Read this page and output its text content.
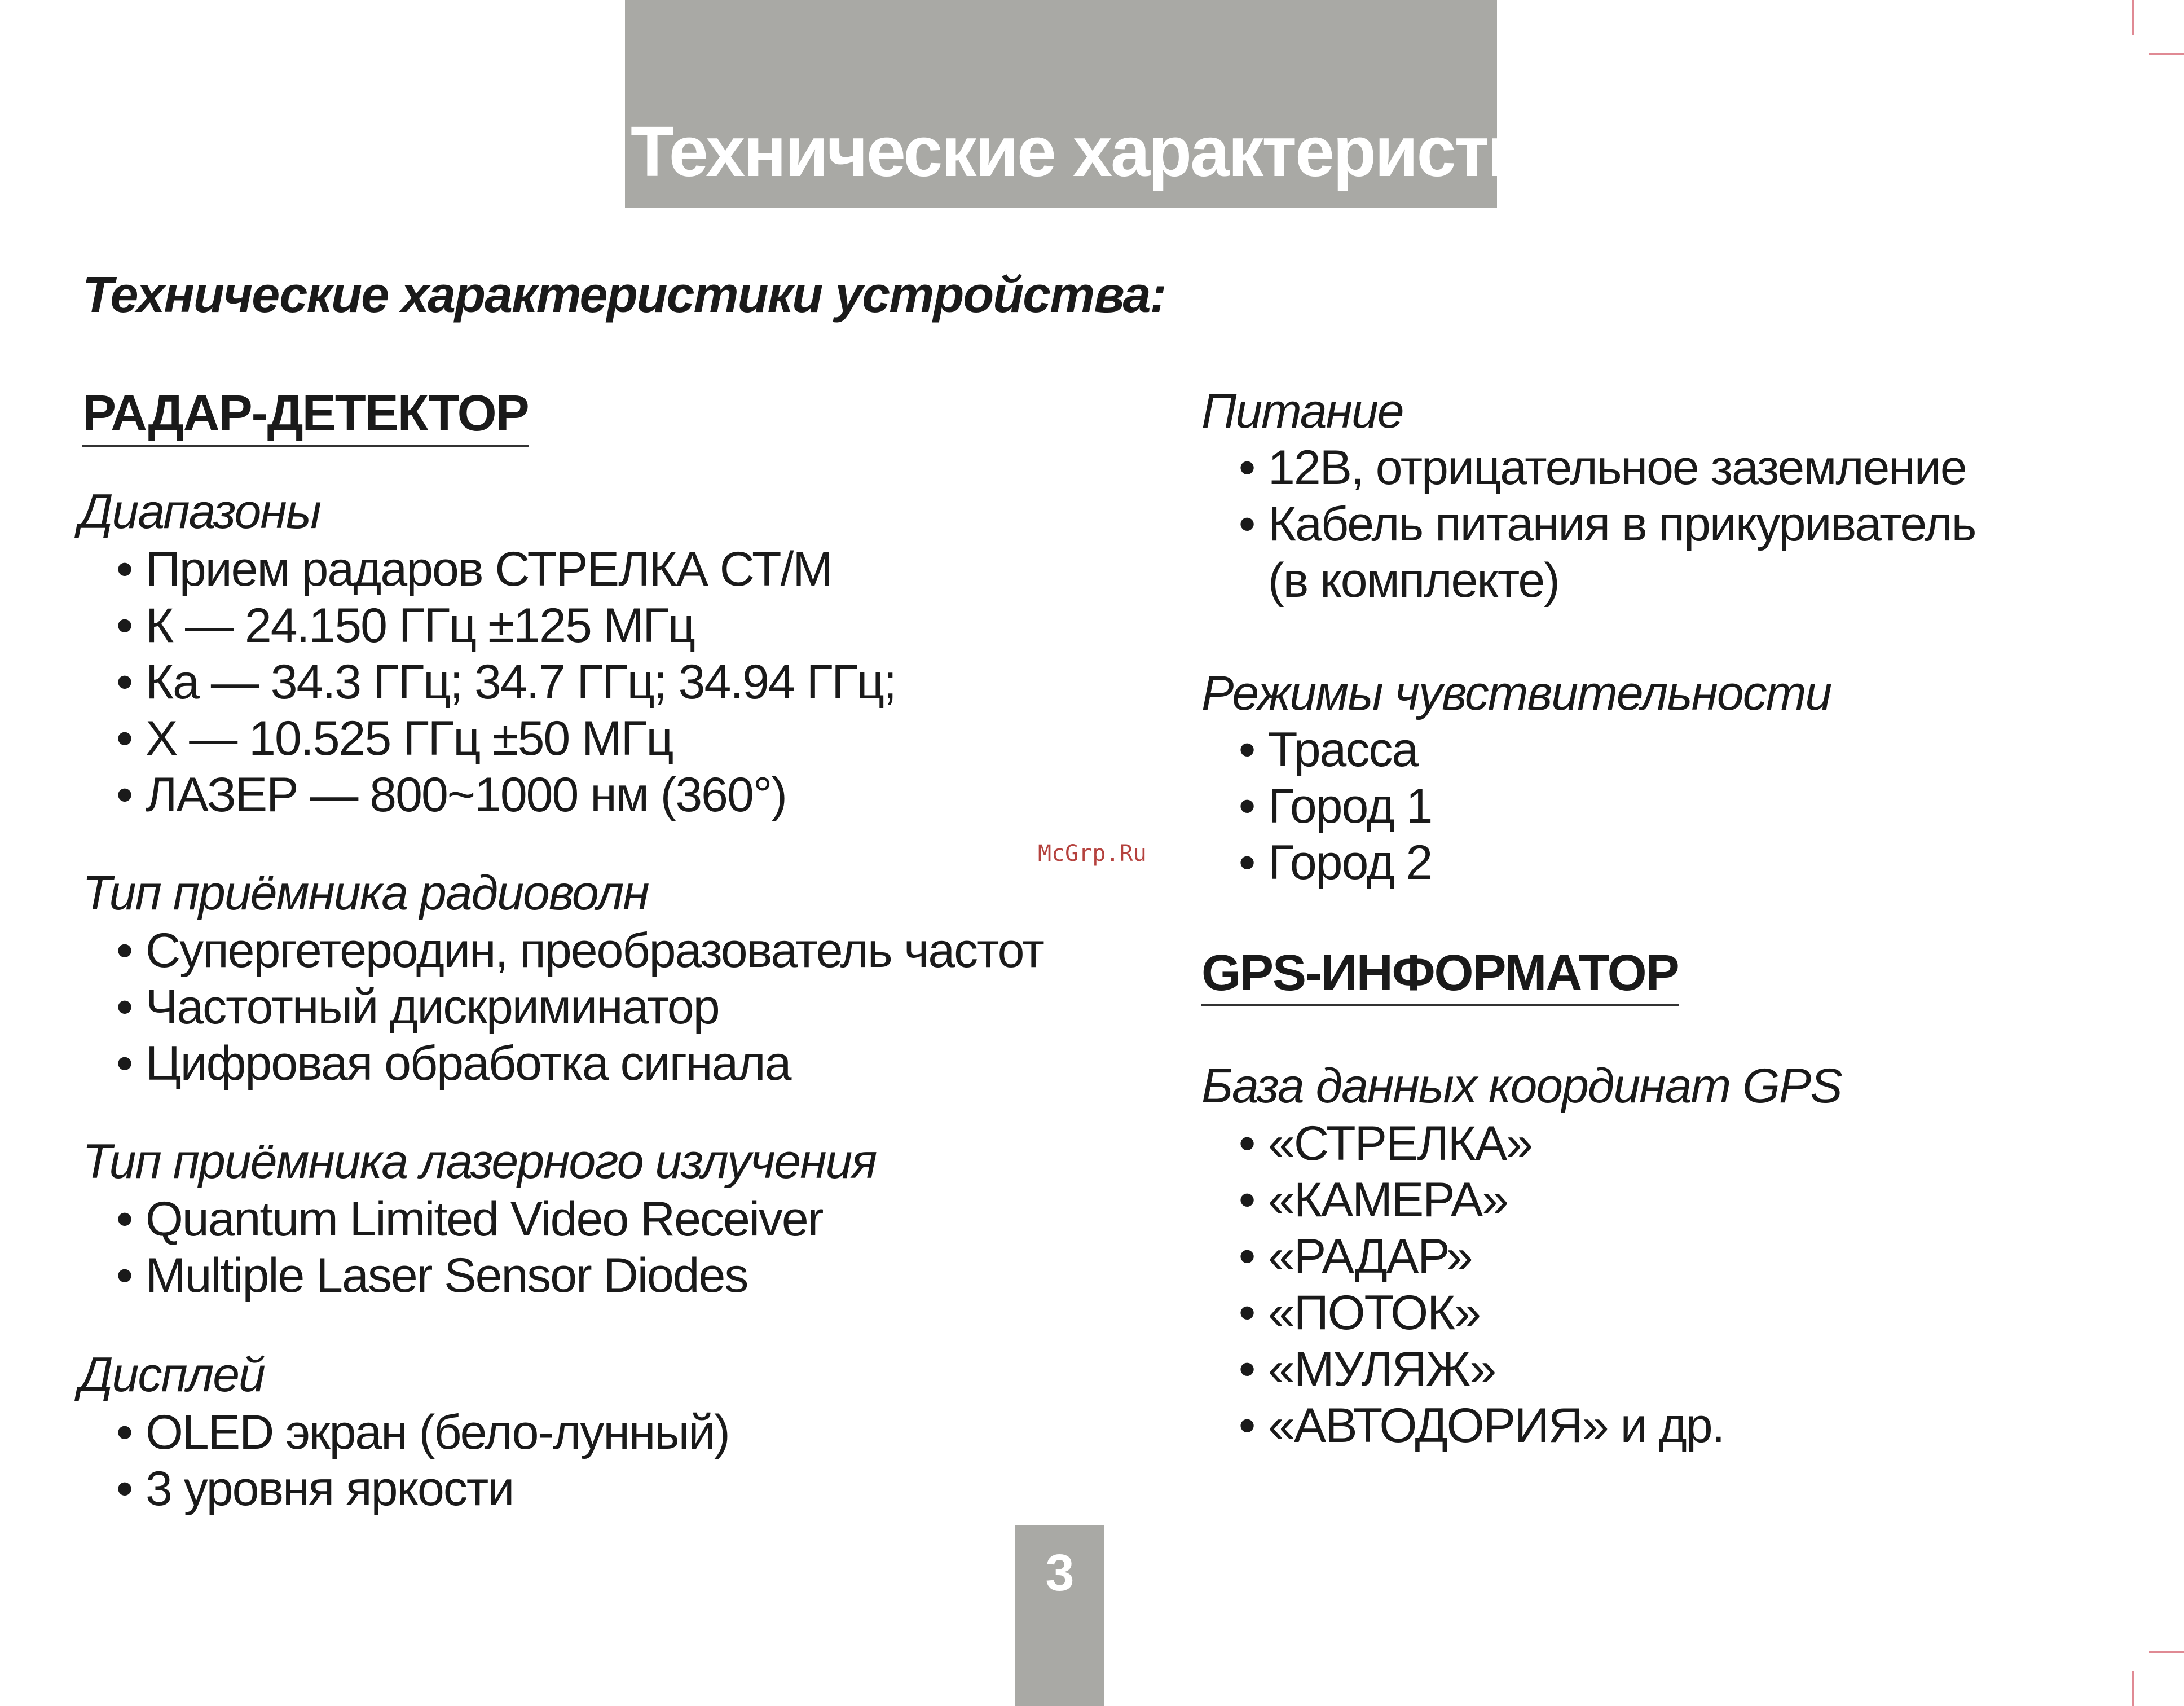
Технические характеристики
Технические характеристики устройства:
РАДАР-ДЕТЕКТОР
Диапазоны
• Прием радаров СТРЕЛКА СТ/М
• К — 24.150 ГГц ±125 МГц
• Ка — 34.3 ГГц; 34.7 ГГц; 34.94 ГГц;
• Х — 10.525 ГГц ±50 МГц
• ЛАЗЕР — 800~1000 нм (360°)
Тип приёмника радиоволн
• Супергетеродин, преобразователь частот
• Частотный дискриминатор
• Цифровая обработка сигнала
Тип приёмника лазерного излучения
• Quantum Limited Video Receiver
• Multiple Laser Sensor Diodes
Дисплей
• OLED экран (бело-лунный)
• 3 уровня яркости
McGrp.Ru
Питание
• 12В, отрицательное заземление
• Кабель питания в прикуриватель
(в комплекте)
Режимы чувствительности
• Трасса
• Город 1
• Город 2
GPS-ИНФОРМАТОР
База данных координат GPS
• «СТРЕЛКА»
• «КАМЕРА»
• «РАДАР»
• «ПОТОК»
• «МУЛЯЖ»
• «АВТОДОРИЯ» и др.
3
